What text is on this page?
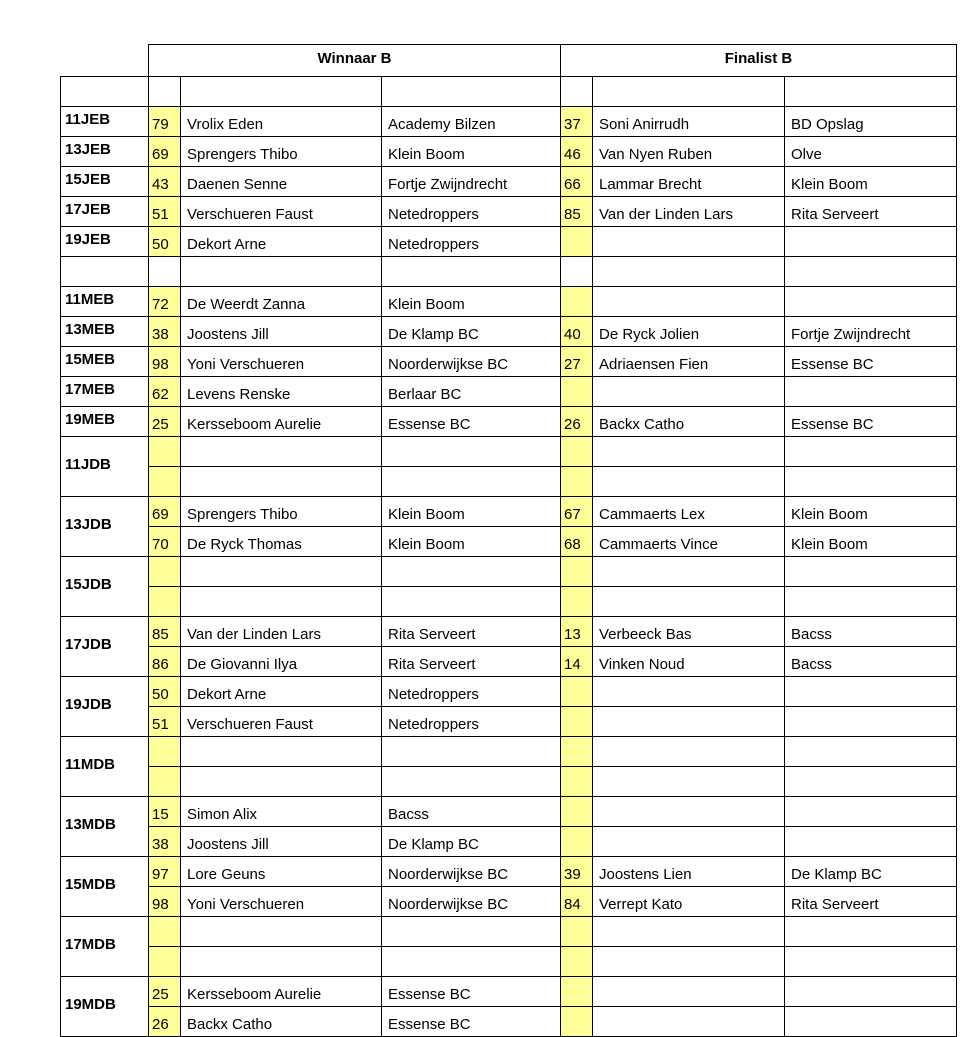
	Winnaar B			Finalist B		

11JEB	79	Vrolix Eden	Academy Bilzen	37	Soni Anirrudh	BD Opslag
13JEB	69	Sprengers Thibo	Klein Boom	46	Van Nyen Ruben	Olve
15JEB	43	Daenen Senne	Fortje Zwijndrecht	66	Lammar Brecht	Klein Boom
17JEB	51	Verschueren Faust	Netedroppers	85	Van der Linden Lars	Rita Serveert
19JEB	50	Dekort Arne	Netedroppers			

11MEB	72	De Weerdt Zanna	Klein Boom			
13MEB	38	Joostens Jill	De Klamp BC	40	De Ryck Jolien	Fortje Zwijndrecht
15MEB	98	Yoni Verschueren	Noorderwijkse BC	27	Adriaensen Fien	Essense BC
17MEB	62	Levens Renske	Berlaar BC			
19MEB	25	Kersseboom Aurelie	Essense BC	26	Backx Catho	Essense BC
11JDB						

13JDB	69	Sprengers Thibo	Klein Boom	67	Cammaerts Lex	Klein Boom
	70	De Ryck Thomas	Klein Boom	68	Cammaerts Vince	Klein Boom
15JDB						

17JDB	85	Van der Linden Lars	Rita Serveert	13	Verbeeck Bas	Bacss
	86	De Giovanni Ilya	Rita Serveert	14	Vinken Noud	Bacss
19JDB	50	Dekort Arne	Netedroppers			
	51	Verschueren Faust	Netedroppers			
11MDB						

13MDB	15	Simon Alix	Bacss			
	38	Joostens Jill	De Klamp BC			
15MDB	97	Lore Geuns	Noorderwijkse BC	39	Joostens Lien	De Klamp BC
	98	Yoni Verschueren	Noorderwijkse BC	84	Verrept Kato	Rita Serveert
17MDB						

19MDB	25	Kersseboom Aurelie	Essense BC			
	26	Backx Catho	Essense BC			
